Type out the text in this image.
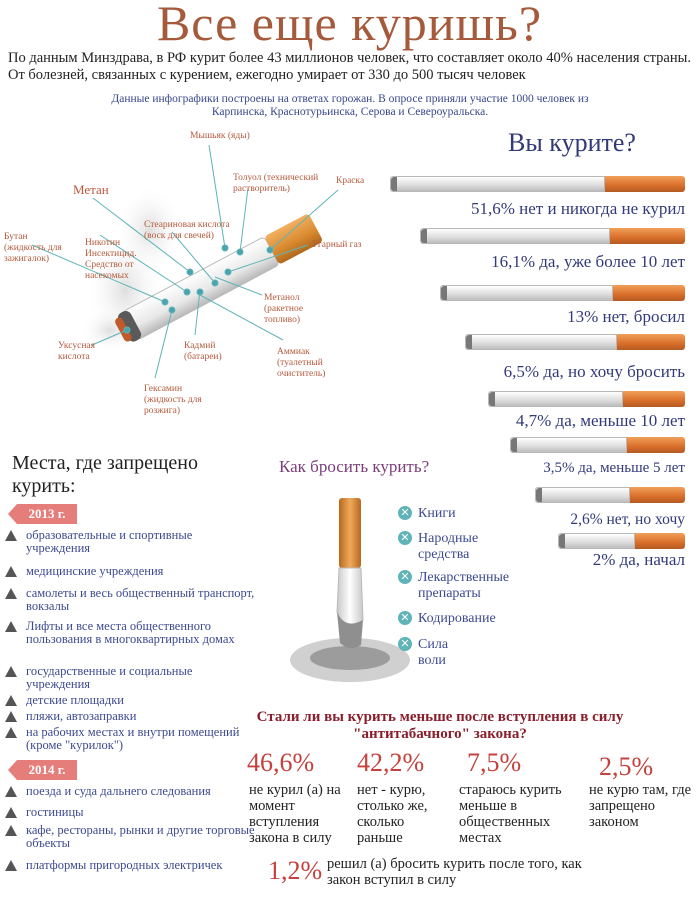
Все еще куришь?
По данным Минздрава, в РФ курит более 43 миллионов человек, что составляет около 40% населения страны. От болезней, связанных с курением, ежегодно умирает от 330 до 500 тысяч человек
Данные инфографики построены на ответах горожан. В опросе приняли участие 1000 человек из Карпинска, Краснотурьинска, Серова и Североуральска.
Мышьяк (яды)
Метан
Толуол (технический растворитель)
Краска
Стеариновая кислота (воск для свечей)
Никотин Инсектицид. Средство от насекомых
Бутан (жидкость для зажигалок)
Угарный газ
Метанол (ракетное топливо)
Уксусная кислота
Кадмий (батареи)	Аммиак (туалетный очиститель)
Гексамин (жидкость для розжига)
Вы курите?
51,6% нет и никогда не курил
16,1% да, уже более 10 лет
13% нет, бросил
6,5% да, но хочу бросить
4,7% да, меньше 10 лет
3,5% да, меньше 5 лет
2,6% нет, но хочу
2% да, начал
Места, где запрещено курить:
2013 г.
образовательные и спортивные учреждения
медицинские учреждения
самолеты и весь общественный транспорт, вокзалы
Лифты и все места общественного пользования в многоквартирных домах
государственные и социальные учреждения
детские площадки
пляжи, автозаправки
на рабочих местах и внутри помещений (кроме "курилок")
2014 г.
поезда и суда дальнего следования
гостиницы
кафе, рестораны, рынки и другие торговые объекты
платформы пригородных электричек
Как бросить курить?
✕ Книги
✕ Народные средства
✕ Лекарственные препараты
✕ Кодирование
✕ Сила воли
Стали ли вы курить меньше после вступления в силу "антитабачного" закона?
46,6%
не курил (а) на момент вступления закона в силу
42,2%
нет - курю, столько же, сколько раньше
7,5%
стараюсь курить меньше в общественных местах
2,5%
не курю там, где запрещено законом
1,2% решил (а) бросить курить после того, как закон вступил в силу
